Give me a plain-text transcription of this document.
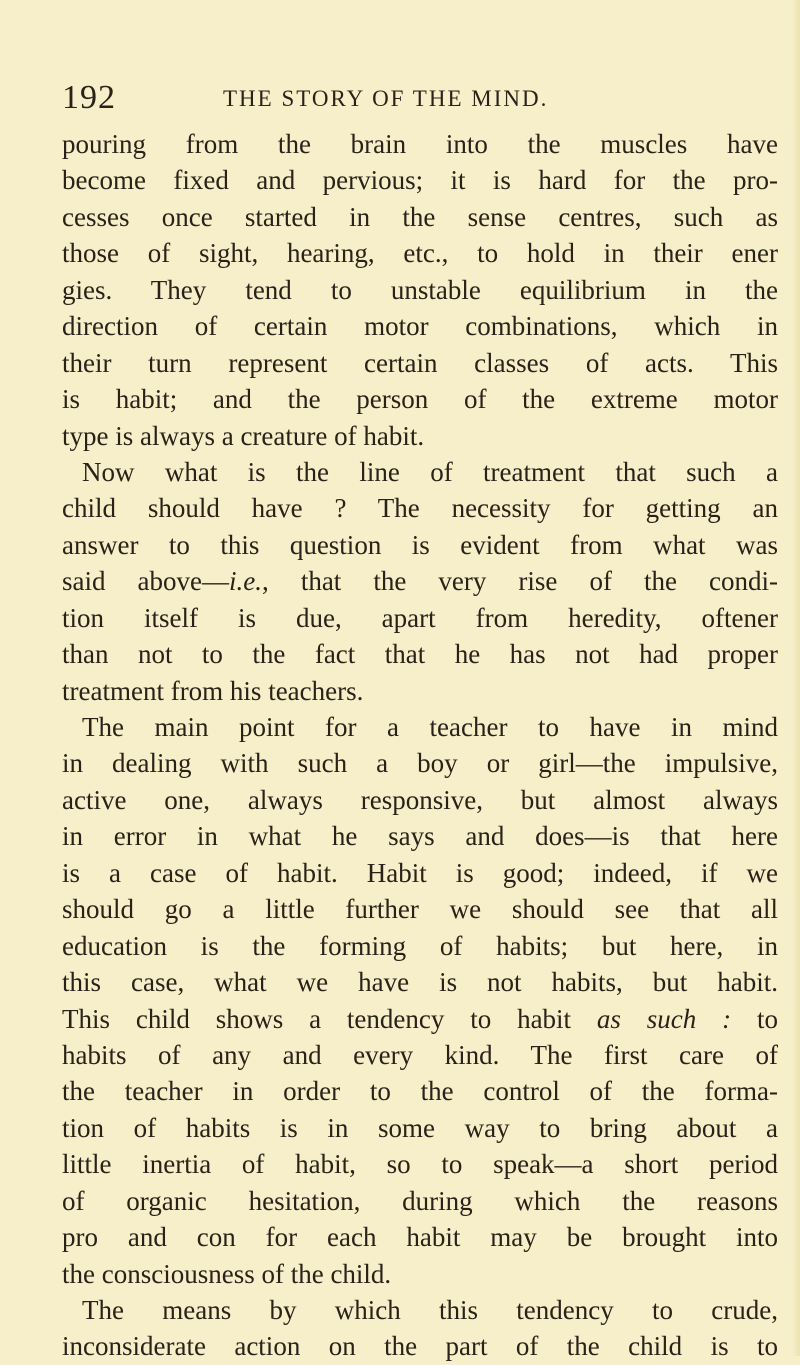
192	THE STORY OF THE MIND.
pouring from the brain into the muscles have
become fixed and pervious; it is hard for the pro-
cesses once started in the sense centres, such as
those of sight, hearing, etc., to hold in their ener
gies. They tend to unstable equilibrium in the
direction of certain motor combinations, which in
their turn represent certain classes of acts. This
is habit; and the person of the extreme motor
type is always a creature of habit.
Now what is the line of treatment that such a
child should have ? The necessity for getting an
answer to this question is evident from what was
said above—i.e., that the very rise of the condi-
tion itself is due, apart from heredity, oftener
than not to the fact that he has not had proper
treatment from his teachers.
The main point for a teacher to have in mind
in dealing with such a boy or girl—the impulsive,
active one, always responsive, but almost always
in error in what he says and does—is that here
is a case of habit. Habit is good; indeed, if we
should go a little further we should see that all
education is the forming of habits; but here, in
this case, what we have is not habits, but habit.
This child shows a tendency to habit as such : to
habits of any and every kind. The first care of
the teacher in order to the control of the forma-
tion of habits is in some way to bring about a
little inertia of habit, so to speak—a short period
of organic hesitation, during which the reasons
pro and con for each habit may be brought into
the consciousness of the child.
The means by which this tendency to crude,
inconsiderate action on the part of the child is to
